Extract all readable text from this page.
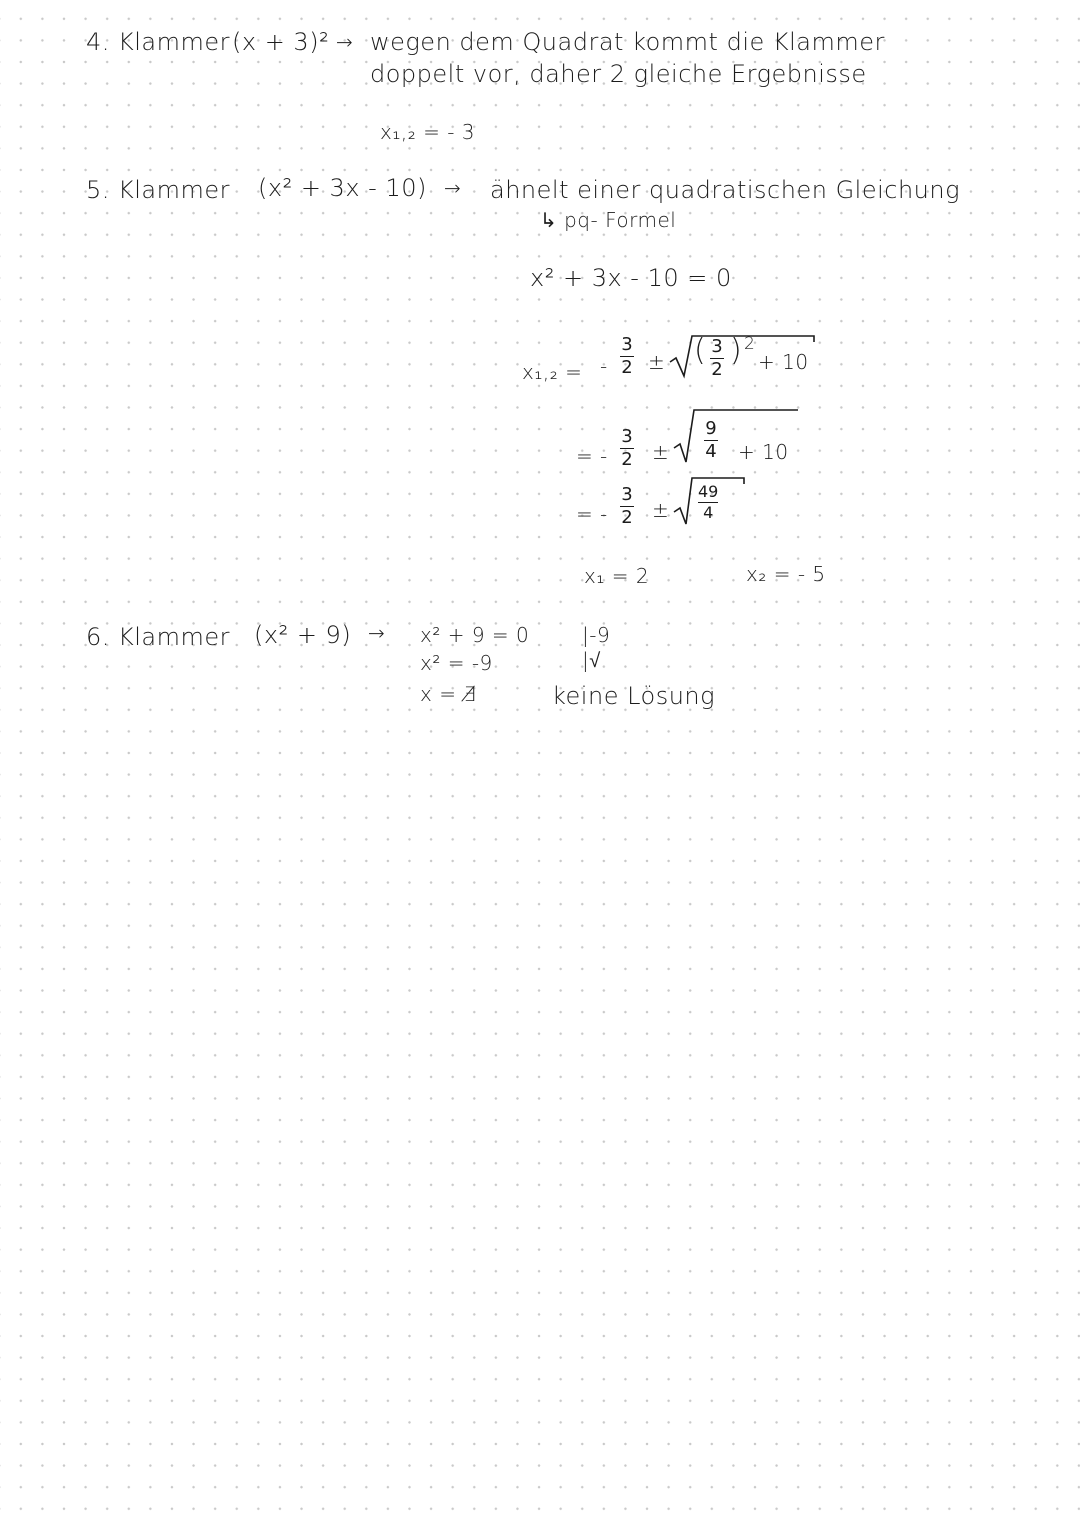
4. Klammer (x + 3)² → wegen dem Quadrat kommt die Klammer
doppelt vor, daher 2 gleiche Ergebnisse
x₁,₂ = - 3
5. Klammer (x² + 3x - 10) → ähnelt einer quadratischen Gleichung
↳ pq- Formel
x² + 3x - 10 = 0
x₁,₂ = -
3
2 ± ( 3
2
) 2
+ 10
= -
3
2 ±
9
4 + 10
= -
3
2 ±
49
4
x₁ = 2	x₂ = - 5
6. Klammer (x² + 9) → x² + 9 = 0	|-9
x² = -9	|√
x = ∄	keine Lösung
